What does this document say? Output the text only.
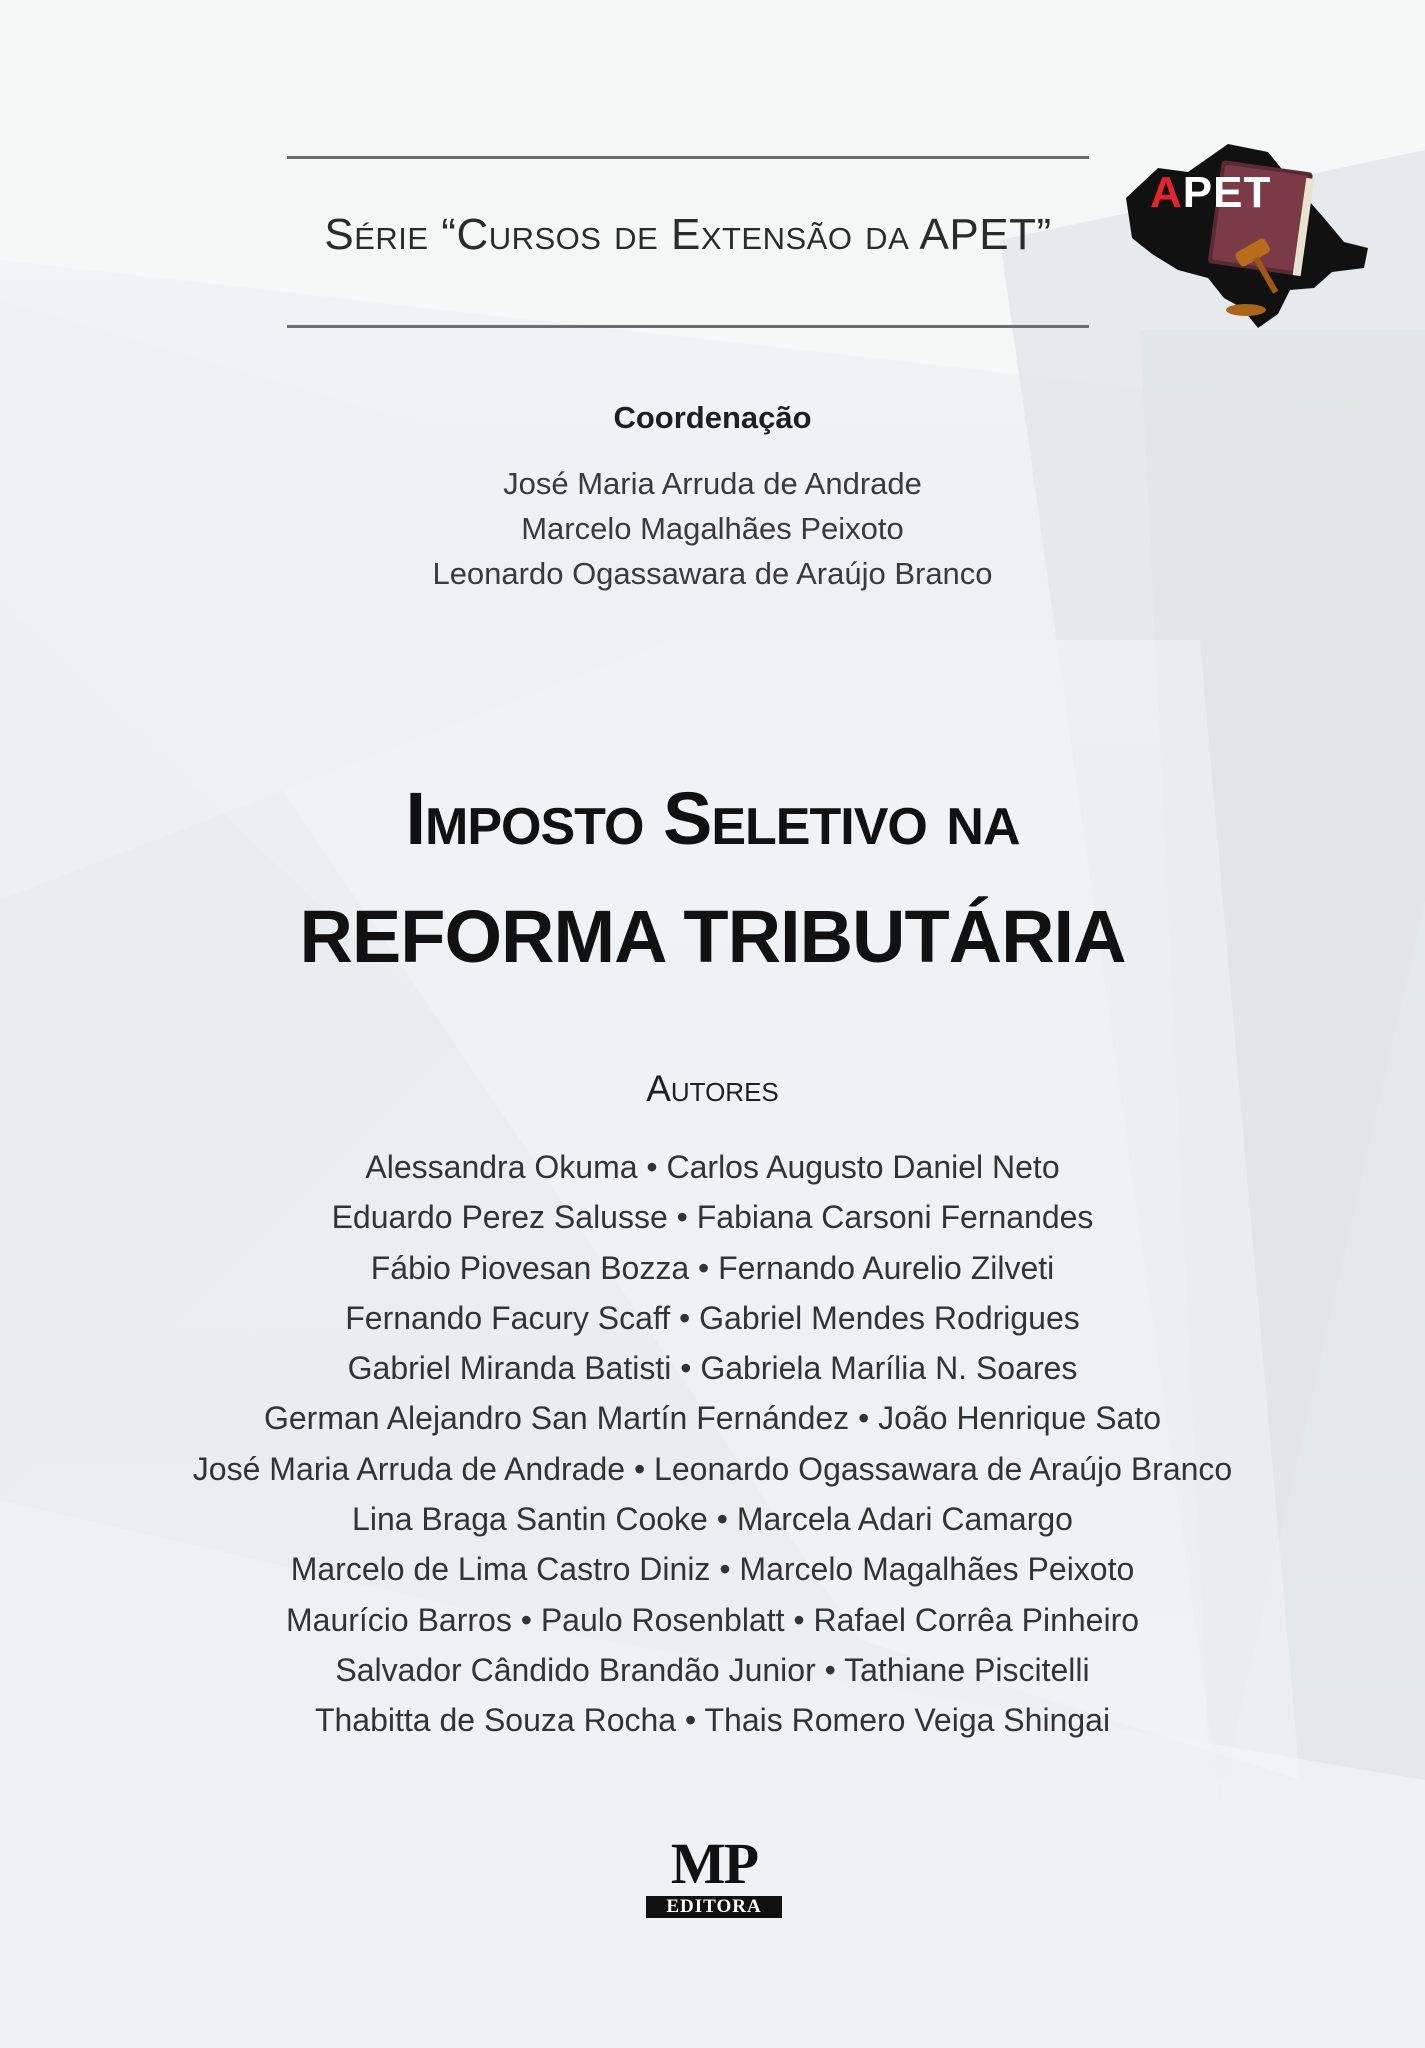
Série “Cursos de Extensão da APET”
APET
Coordenação
José Maria Arruda de Andrade
Marcelo Magalhães Peixoto
Leonardo Ogassawara de Araújo Branco
Imposto Seletivo na
REFORMA TRIBUTÁRIA
Autores
Alessandra Okuma • Carlos Augusto Daniel Neto
Eduardo Perez Salusse • Fabiana Carsoni Fernandes
Fábio Piovesan Bozza • Fernando Aurelio Zilveti
Fernando Facury Scaff • Gabriel Mendes Rodrigues
Gabriel Miranda Batisti • Gabriela Marília N. Soares
German Alejandro San Martín Fernández • João Henrique Sato
José Maria Arruda de Andrade • Leonardo Ogassawara de Araújo Branco
Lina Braga Santin Cooke • Marcela Adari Camargo
Marcelo de Lima Castro Diniz • Marcelo Magalhães Peixoto
Maurício Barros • Paulo Rosenblatt • Rafael Corrêa Pinheiro
Salvador Cândido Brandão Junior • Tathiane Piscitelli
Thabitta de Souza Rocha • Thais Romero Veiga Shingai
MP
EDITORA
